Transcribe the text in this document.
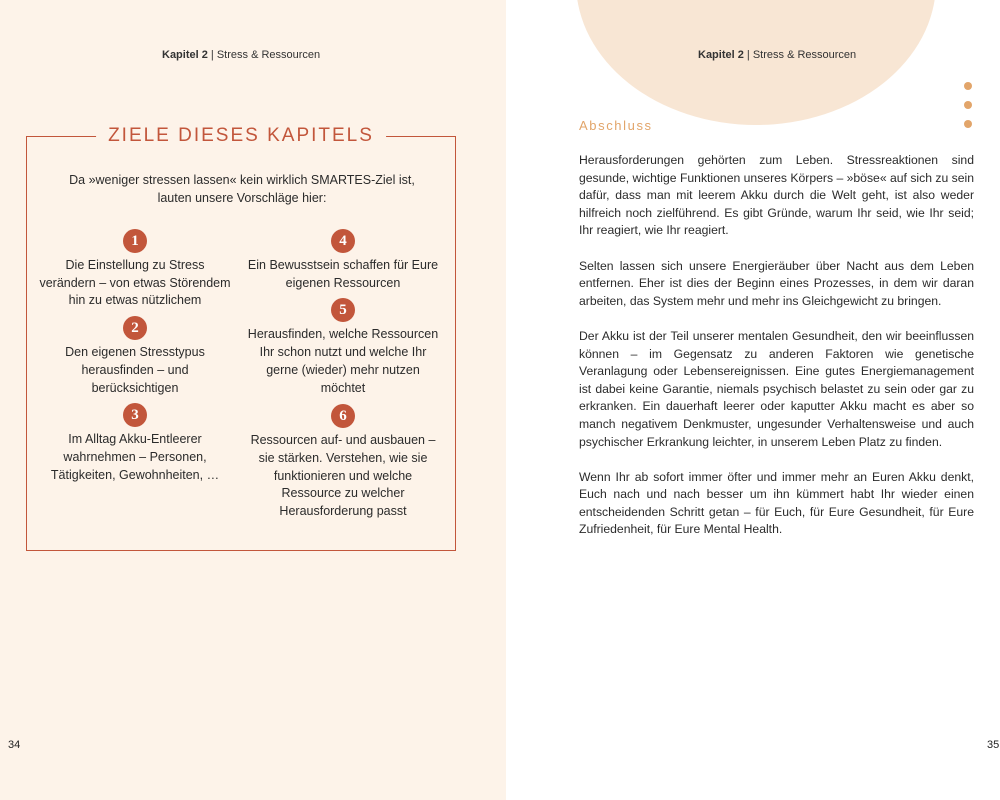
Kapitel 2 | Stress & Ressourcen
ZIELE DIESES KAPITELS
Da »weniger stressen lassen« kein wirklich SMARTES-Ziel ist, lauten unsere Vorschläge hier:
1

Die Einstellung zu Stress verändern – von etwas Störendem hin zu etwas nützlichem

2

Den eigenen Stresstypus herausfinden – und berücksichtigen

3

Im Alltag Akku-Entleerer wahrnehmen – Personen, Tätigkeiten, Gewohnheiten, …

4

Ein Bewusstsein schaffen für Eure eigenen Ressourcen

5

Herausfinden, welche Ressourcen Ihr schon nutzt und welche Ihr gerne (wieder) mehr nutzen möchtet

6

Ressourcen auf- und ausbauen – sie stärken. Verstehen, wie sie funktionieren und welche Ressource zu welcher Herausforderung passt

34
Kapitel 2 | Stress & Ressourcen
Abschluss

Herausforderungen gehörten zum Leben. Stressreaktionen sind gesunde, wichtige Funktionen unseres Körpers – »böse« auf sich zu sein dafür, dass man mit leerem Akku durch die Welt geht, ist also weder hilfreich noch zielführend. Es gibt Gründe, warum Ihr seid, wie Ihr seid; Ihr reagiert, wie Ihr reagiert.

Selten lassen sich unsere Energieräuber über Nacht aus dem Leben entfernen. Eher ist dies der Beginn eines Prozesses, in dem wir daran arbeiten, das System mehr und mehr ins Gleichgewicht zu bringen.

Der Akku ist der Teil unserer mentalen Gesundheit, den wir beeinflussen können – im Gegensatz zu anderen Faktoren wie genetische Veranlagung oder Lebensereignissen. Eine gutes Energiemanagement ist dabei keine Garantie, niemals psychisch belastet zu sein oder gar zu erkranken. Ein dauerhaft leerer oder kaputter Akku macht es aber so manch negativem Denkmuster, ungesunder Verhaltensweise und auch psychischer Erkrankung leichter, in unserem Leben Platz zu finden.

Wenn Ihr ab sofort immer öfter und immer mehr an Euren Akku denkt, Euch nach und nach besser um ihn kümmert habt Ihr wieder einen entscheidenden Schritt getan – für Euch, für Eure Gesundheit, für Eure Zufriedenheit, für Eure Mental Health.

35
